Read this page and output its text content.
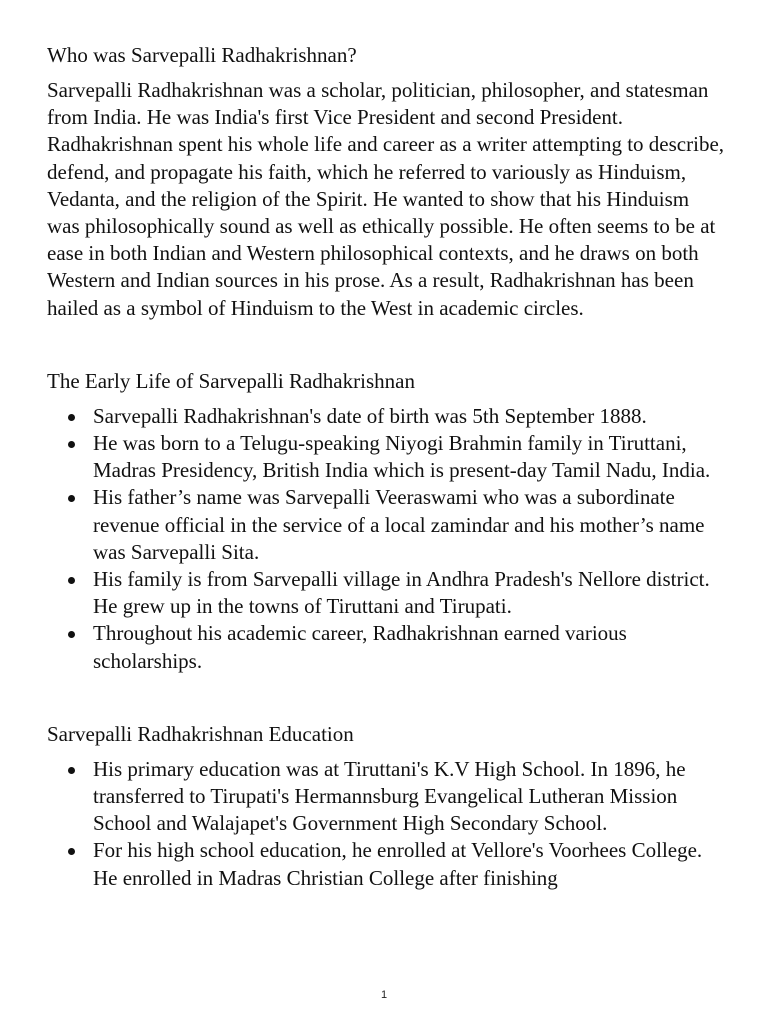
Who was Sarvepalli Radhakrishnan?

Sarvepalli Radhakrishnan was a scholar, politician, philosopher, and statesman from India. He was India's first Vice President and second President. Radhakrishnan spent his whole life and career as a writer attempting to describe, defend, and propagate his faith, which he referred to variously as Hinduism, Vedanta, and the religion of the Spirit. He wanted to show that his Hinduism was philosophically sound as well as ethically possible. He often seems to be at ease in both Indian and Western philosophical contexts, and he draws on both Western and Indian sources in his prose. As a result, Radhakrishnan has been hailed as a symbol of Hinduism to the West in academic circles.

The Early Life of Sarvepalli Radhakrishnan
Sarvepalli Radhakrishnan's date of birth was 5th September 1888.
He was born to a Telugu-speaking Niyogi Brahmin family in Tiruttani, Madras Presidency, British India which is present-day Tamil Nadu, India.
His father’s name was Sarvepalli Veeraswami who was a subordinate revenue official in the service of a local zamindar and his mother’s name was Sarvepalli Sita.
His family is from Sarvepalli village in Andhra Pradesh's Nellore district. He grew up in the towns of Tiruttani and Tirupati.
Throughout his academic career, Radhakrishnan earned various scholarships.
Sarvepalli Radhakrishnan Education
His primary education was at Tiruttani's K.V High School. In 1896, he transferred to Tirupati's Hermannsburg Evangelical Lutheran Mission School and Walajapet's Government High Secondary School.
For his high school education, he enrolled at Vellore's Voorhees College. He enrolled in Madras Christian College after finishing
1
